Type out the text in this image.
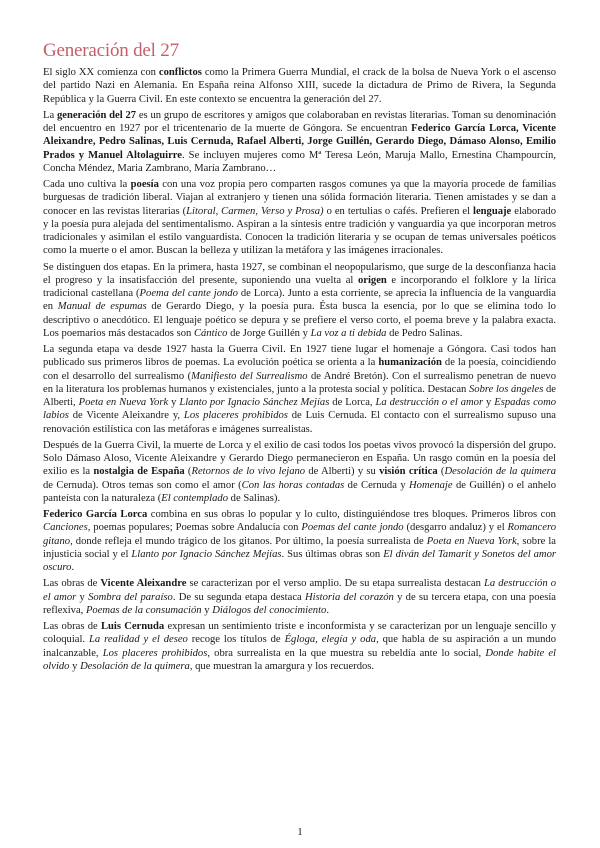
Generación del 27

El siglo XX comienza con conflictos como la Primera Guerra Mundial, el crack de la bolsa de Nueva York o el ascenso del partido Nazi en Alemania. En España reina Alfonso XIII, sucede la dictadura de Primo de Rivera, la Segunda República y la Guerra Civil. En este contexto se encuentra la generación del 27.

La generación del 27 es un grupo de escritores y amigos que colaboraban en revistas literarias. Toman su denominación del encuentro en 1927 por el tricentenario de la muerte de Góngora. Se encuentran Federico García Lorca, Vicente Aleixandre, Pedro Salinas, Luis Cernuda, Rafael Alberti, Jorge Guillén, Gerardo Diego, Dámaso Alonso, Emilio Prados y Manuel Altolaguirre. Se incluyen mujeres como Mª Teresa León, Maruja Mallo, Ernestina Champourcín, Concha Méndez, Maria Zambrano, María Zambrano…

Cada uno cultiva la poesía con una voz propia pero comparten rasgos comunes ya que la mayoría procede de familias burguesas de tradición liberal. Viajan al extranjero y tienen una sólida formación literaria. Tienen amistades y se dan a conocer en las revistas literarias (Litoral, Carmen, Verso y Prosa) o en tertulias o cafés. Prefieren el lenguaje elaborado y la poesía pura alejada del sentimentalismo. Aspiran a la síntesis entre tradición y vanguardia ya que incorporan metros tradicionales y asimilan el estilo vanguardista. Conocen la tradición literaria y se ocupan de temas universales poéticos como la muerte o el amor. Buscan la belleza y utilizan la metáfora y las imágenes irracionales.

Se distinguen dos etapas. En la primera, hasta 1927, se combinan el neopopularismo, que surge de la desconfianza hacia el progreso y la insatisfacción del presente, suponiendo una vuelta al origen e incorporando el folklore y la lírica tradicional castellana (Poema del cante jondo de Lorca). Junto a esta corriente, se aprecia la influencia de la vanguardia en Manual de espumas de Gerardo Diego, y la poesía pura. Ésta busca la esencia, por lo que se elimina todo lo descriptivo o anecdótico. El lenguaje poético se depura y se prefiere el verso corto, el poema breve y la palabra exacta. Los poemarios más destacados son Cántico de Jorge Guillén y La voz a ti debida de Pedro Salinas.

La segunda etapa va desde 1927 hasta la Guerra Civil. En 1927 tiene lugar el homenaje a Góngora. Casi todos han publicado sus primeros libros de poemas. La evolución poética se orienta a la humanización de la poesía, coincidiendo con el desarrollo del surrealismo (Manifiesto del Surrealismo de André Bretón). Con el surrealismo penetran de nuevo en la literatura los problemas humanos y existenciales, junto a la protesta social y política. Destacan Sobre los ángeles de Alberti, Poeta en Nueva York y Llanto por Ignacio Sánchez Mejías de Lorca, La destrucción o el amor y Espadas como labios de Vicente Aleixandre y, Los placeres prohibidos de Luis Cernuda. El contacto con el surrealismo supuso una renovación estilística con las metáforas e imágenes surrealistas.

Después de la Guerra Civil, la muerte de Lorca y el exilio de casi todos los poetas vivos provocó la dispersión del grupo. Solo Dámaso Aloso, Vicente Aleixandre y Gerardo Diego permanecieron en España. Un rasgo común en la poesía del exilio es la nostalgia de España (Retornos de lo vivo lejano de Alberti) y su visión crítica (Desolación de la quimera de Cernuda). Otros temas son como el amor (Con las horas contadas de Cernuda y Homenaje de Guillén) o el anhelo panteísta con la naturaleza (El contemplado de Salinas).

Federico García Lorca combina en sus obras lo popular y lo culto, distinguiéndose tres bloques. Primeros libros con Canciones, poemas populares; Poemas sobre Andalucía con Poemas del cante jondo (desgarro andaluz) y el Romancero gitano, donde refleja el mundo trágico de los gitanos. Por último, la poesía surrealista de Poeta en Nueva York, sobre la injusticia social y el Llanto por Ignacio Sánchez Mejías. Sus últimas obras son El diván del Tamarit y Sonetos del amor oscuro.

Las obras de Vicente Aleixandre se caracterizan por el verso amplio. De su etapa surrealista destacan La destrucción o el amor y Sombra del paraíso. De su segunda etapa destaca Historia del corazón y de su tercera etapa, con una poesía reflexiva, Poemas de la consumación y Diálogos del conocimiento.

Las obras de Luis Cernuda expresan un sentimiento triste e inconformista y se caracterizan por un lenguaje sencillo y coloquial. La realidad y el deseo recoge los títulos de Égloga, elegía y oda, que habla de su aspiración a un mundo inalcanzable, Los placeres prohibidos, obra surrealista en la que muestra su rebeldía ante lo social, Donde habite el olvido y Desolación de la quimera, que muestran la amargura y los recuerdos.

1
